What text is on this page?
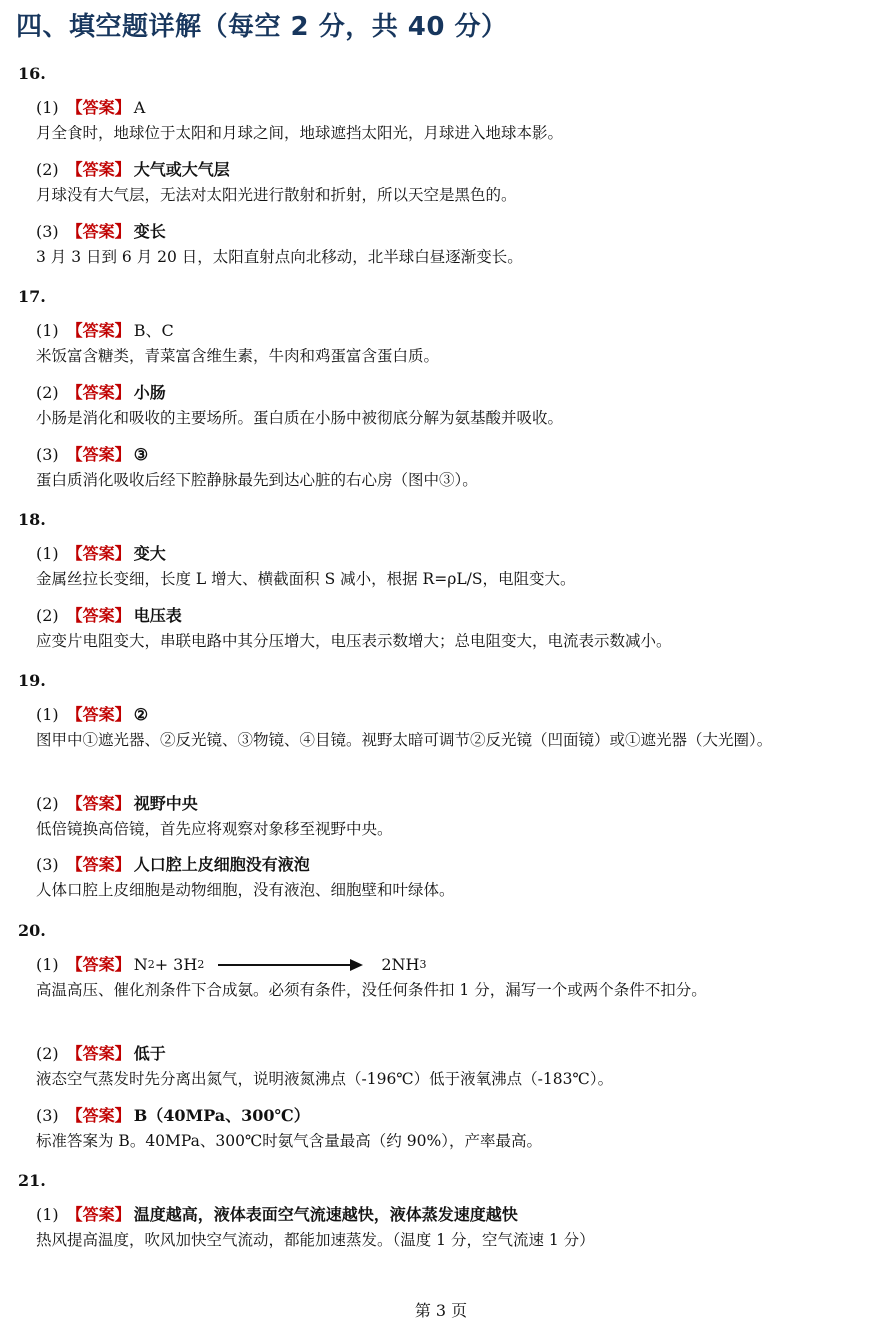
四、填空题详解（每空 2 分，共 40 分）
16.
(1) 【答案】 A
月全食时，地球位于太阳和月球之间，地球遮挡太阳光，月球进入地球本影。
(2) 【答案】 大气或大气层
月球没有大气层，无法对太阳光进行散射和折射，所以天空是黑色的。
(3) 【答案】 变长
3 月 3 日到 6 月 20 日，太阳直射点向北移动，北半球白昼逐渐变长。
17.
(1) 【答案】 B、C
米饭富含糖类，青菜富含维生素，牛肉和鸡蛋富含蛋白质。
(2) 【答案】 小肠
小肠是消化和吸收的主要场所。蛋白质在小肠中被彻底分解为氨基酸并吸收。
(3) 【答案】 ③
蛋白质消化吸收后经下腔静脉最先到达心脏的右心房（图中③）。
18.
(1) 【答案】 变大
金属丝拉长变细，长度 L 增大、横截面积 S 减小，根据 R=ρL/S，电阻变大。
(2) 【答案】 电压表
应变片电阻变大，串联电路中其分压增大，电压表示数增大；总电阻变大，电流表示数减小。
19.
(1) 【答案】 ②
图甲中①遮光器、②反光镜、③物镜、④目镜。视野太暗可调节②反光镜（凹面镜）或①遮光器（大光圈）。
(2) 【答案】 视野中央
低倍镜换高倍镜，首先应将观察对象移至视野中央。
(3) 【答案】 人口腔上皮细胞没有液泡
人体口腔上皮细胞是动物细胞，没有液泡、细胞壁和叶绿体。
20.
(1) 【答案】 N 2 + 3H 2	2NH 3
高温高压、催化剂条件下合成氨。必须有条件，没任何条件扣 1 分，漏写一个或两个条件不扣分。
(2) 【答案】 低于
液态空气蒸发时先分离出氮气，说明液氮沸点（-196℃）低于液氧沸点（-183℃）。
(3) 【答案】 B（40MPa、300℃）
标准答案为 B。40MPa、300℃时氨气含量最高（约 90%），产率最高。
21.
(1) 【答案】 温度越高，液体表面空气流速越快，液体蒸发速度越快
热风提高温度，吹风加快空气流动，都能加速蒸发。（温度 1 分，空气流速 1 分）
第 3 页
